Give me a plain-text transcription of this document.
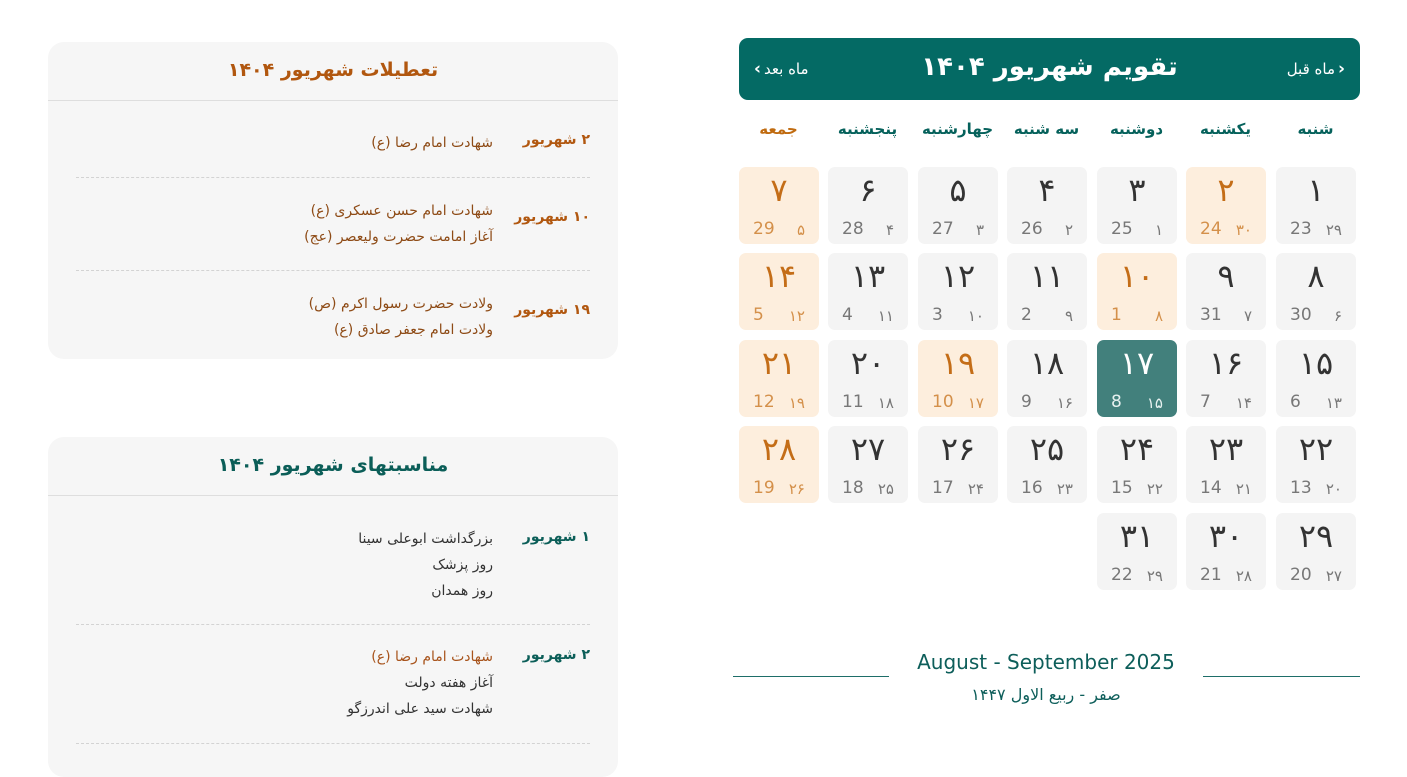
‹ماه قبل
تقویم شهریور ۱۴۰۴
ماه بعد›
شنبه
یکشنبه
دوشنبه
سه شنبه
چهارشنبه
پنجشنبه
جمعه
۱
23 ۲۹
۲
24 ۳۰
۳
25 ۱
۴
26 ۲
۵
27 ۳
۶
28 ۴
۷
29 ۵
۸
30 ۶
۹
31 ۷
۱۰
1 ۸
۱۱
2 ۹
۱۲
3 ۱۰
۱۳
4 ۱۱
۱۴
5 ۱۲
۱۵
6 ۱۳
۱۶
7 ۱۴
۱۷
8 ۱۵
۱۸
9 ۱۶
۱۹
10 ۱۷
۲۰
11 ۱۸
۲۱
12 ۱۹
۲۲
13 ۲۰
۲۳
14 ۲۱
۲۴
15 ۲۲
۲۵
16 ۲۳
۲۶
17 ۲۴
۲۷
18 ۲۵
۲۸
19 ۲۶
۲۹
20 ۲۷
۳۰
21 ۲۸
۳۱
22 ۲۹
August - September 2025
صفر - ربیع الاول ۱۴۴۷
تعطیلات شهریور ۱۴۰۴
۲ شهریور
شهادت امام رضا (ع)
۱۰ شهریور
شهادت امام حسن عسکری (ع)
آغاز امامت حضرت ولیعصر (عج)
۱۹ شهریور
ولادت حضرت رسول اکرم (ص)
ولادت امام جعفر صادق (ع)
مناسبتهای شهریور ۱۴۰۴
۱ شهریور
بزرگداشت ابوعلی سینا
روز پزشک
روز همدان
۲ شهریور
شهادت امام رضا (ع)
آغاز هفته دولت
شهادت سید علی اندرزگو
